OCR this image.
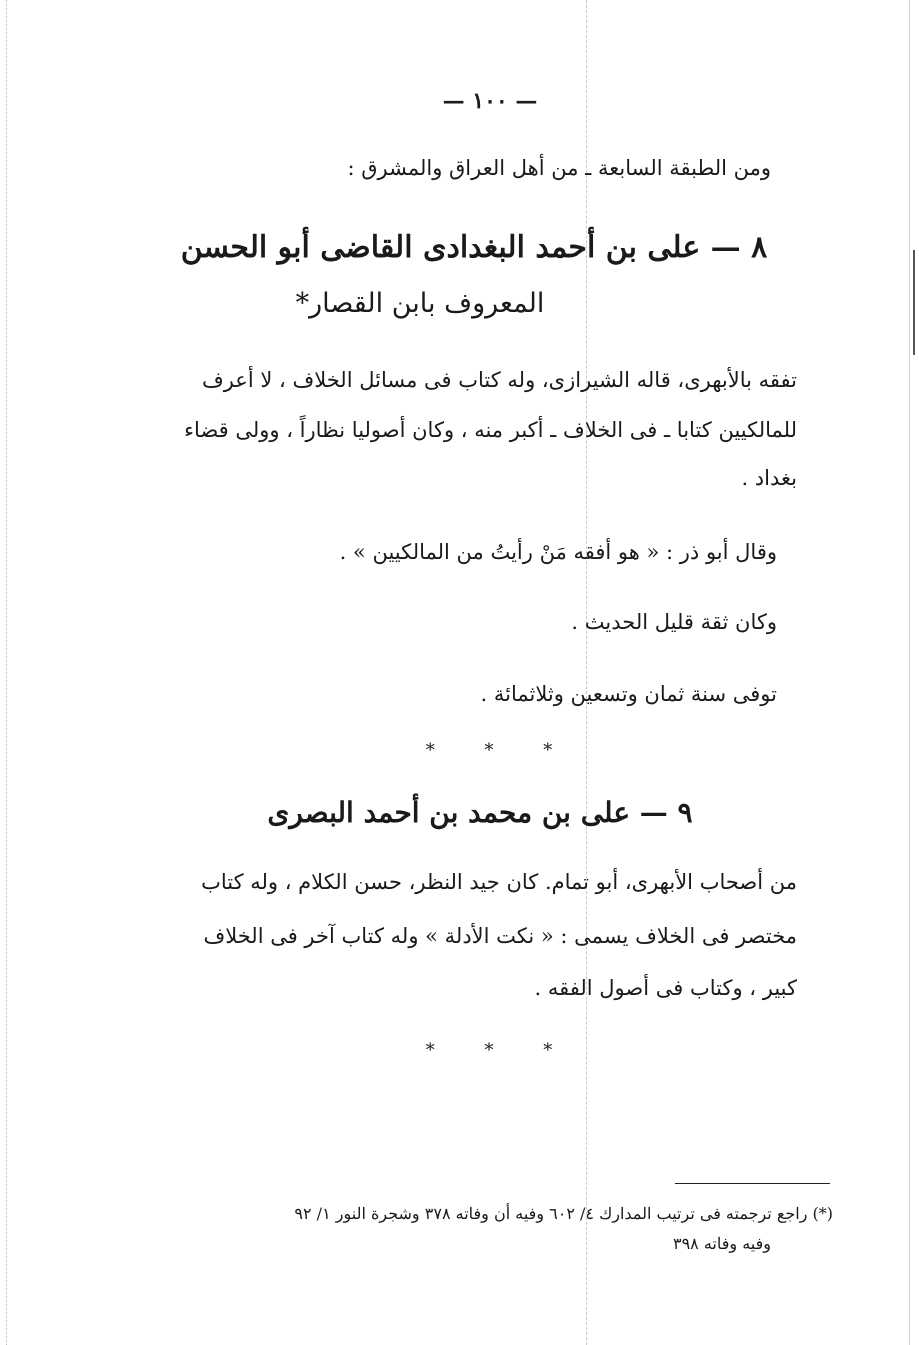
— ١٠٠ —
ومن الطبقة السابعة ـ من أهل العراق والمشرق :
٨ — على بن أحمد البغدادى القاضى أبو الحسن
المعروف بابن القصار*
تفقه بالأبهرى، قاله الشيرازى، وله كتاب فى مسائل الخلاف ، لا أعرف
للمالكيين كتابا ـ فى الخلاف ـ أكبر منه ، وكان أصوليا نظاراً ، وولى قضاء
بغداد .
وقال أبو ذر : « هو أفقه مَنْ رأيتُ من المالكيين » .
وكان ثقة قليل الحديث .
توفى سنة ثمان وتسعين وثلاثمائة .
* * *
٩ — على بن محمد بن أحمد البصرى
من أصحاب الأبهرى، أبو تمام. كان جيد النظر، حسن الكلام ، وله كتاب
مختصر فى الخلاف يسمى : « نكت الأدلة » وله كتاب آخر فى الخلاف
كبير ، وكتاب فى أصول الفقه .
* * *
(*) راجع ترجمته فى ترتيب المدارك ٤/ ٦٠٢ وفيه أن وفاته ٣٧٨ وشجرة النور ١/ ٩٢
وفيه وفاته ٣٩٨
